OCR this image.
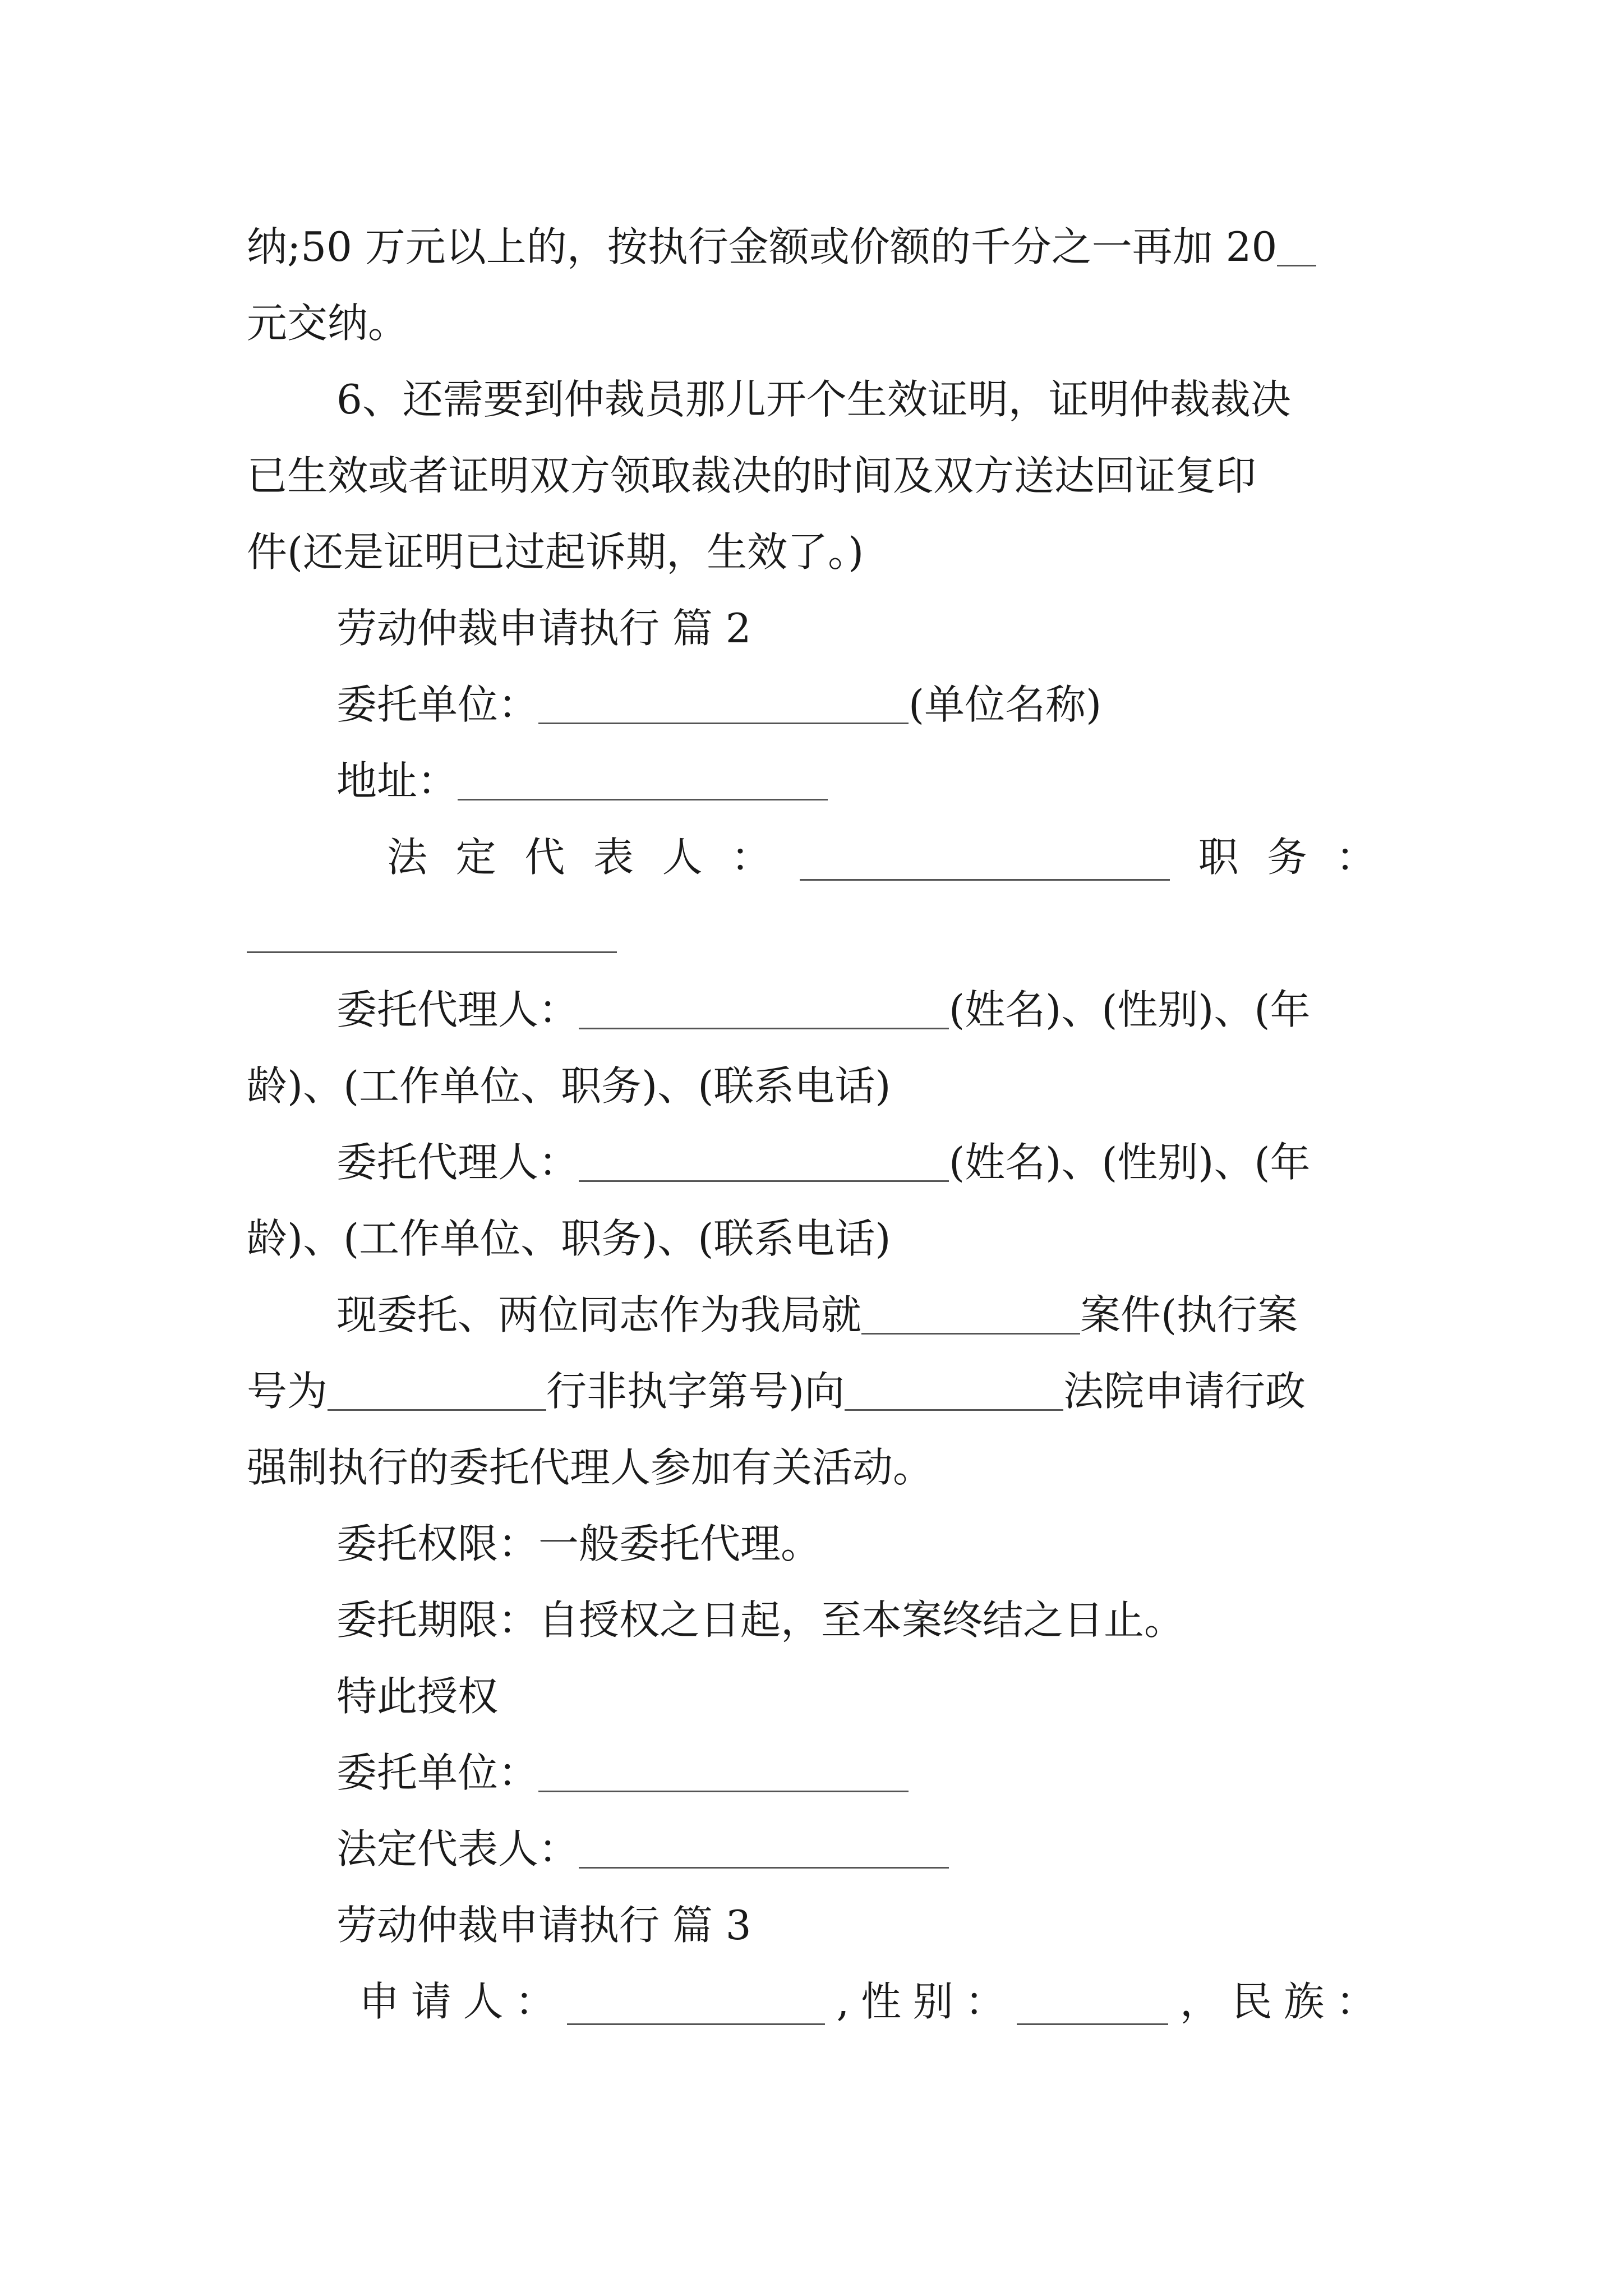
纳;50 万元以上的，按执行金额或价额的千分之一再加 20
元交纳。
6、还需要到仲裁员那儿开个生效证明，证明仲裁裁决
已生效或者证明双方领取裁决的时间及双方送达回证复印
件(还是证明已过起诉期，生效了。)
劳动仲裁申请执行 篇 2
委托单位：	(单位名称)
地址：
法 定 代 表 人 ：	职 务 ：
委托代理人：	(姓名)、(性别)、(年
龄)、(工作单位、职务)、(联系电话)
委托代理人：	(姓名)、(性别)、(年
龄)、(工作单位、职务)、(联系电话)
现委托、两位同志作为我局就	案件(执行案
号为	行非执字第号)向	法院申请行政
强制执行的委托代理人参加有关活动。
委托权限：一般委托代理。
委托期限：自授权之日起，至本案终结之日止。
特此授权
委托单位：
法定代表人：
劳动仲裁申请执行 篇 3
申 请 人 ：	, 性 别 ：	， 民 族 ：
